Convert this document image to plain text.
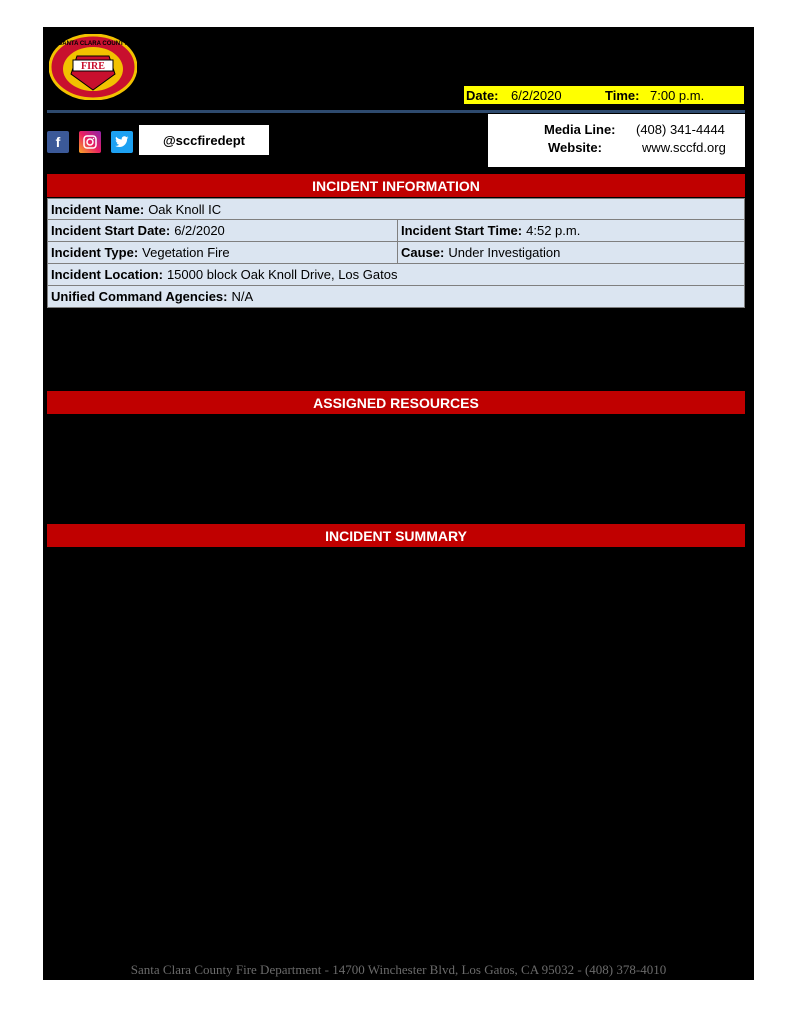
FIRE
SANTA CLARA COUNTY
Date: 6/2/2020	Time: 7:00 p.m.
f	@sccfiredept
Media Line: (408) 341-4444
Website:	www.sccfd.org
INCIDENT INFORMATION
Incident Name: Oak Knoll IC
Incident Start Date: 6/2/2020	Incident Start Time: 4:52 p.m.
Incident Type: Vegetation Fire	Cause: Under Investigation
Incident Location: 15000 block Oak Knoll Drive, Los Gatos
Unified Command Agencies: N/A
ASSIGNED RESOURCES
INCIDENT SUMMARY
Santa Clara County Fire Department - 14700 Winchester Blvd, Los Gatos, CA 95032 - (408) 378-4010
